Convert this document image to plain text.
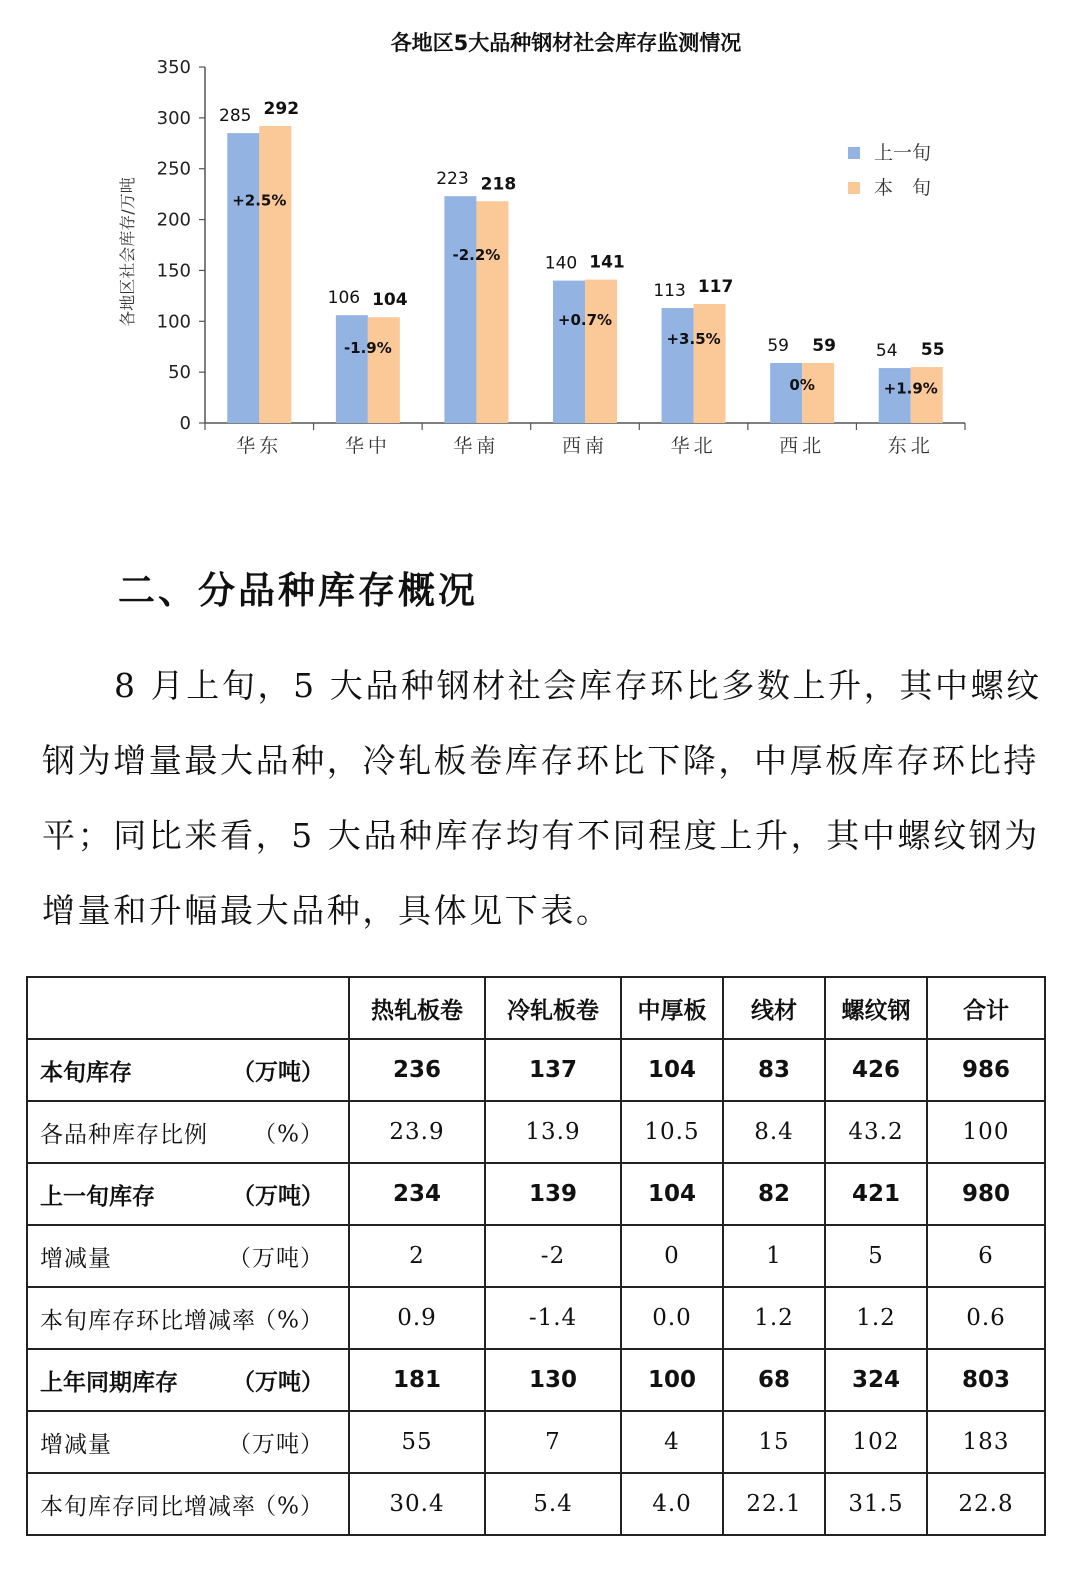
各地区5大品种钢材社会库存监测情况
各地区社会库存/万吨
0
50
100
150
200
250
300
350
华东
285 292
+2.5%
华中
106 104
-1.9%
华南
223 218
-2.2%
西南
140 141
+0.7%
华北
113 117
+3.5%
西北
59 59
0%
东北
54 55
+1.9%
上一旬
本　旬
二、分品种库存概况

8 月上旬，5 大品种钢材社会库存环比多数上升，其中螺纹钢为增量最大品种，冷轧板卷库存环比下降，中厚板库存环比持平；同比来看，5 大品种库存均有不同程度上升，其中螺纹钢为增量和升幅最大品种，具体见下表。

	热轧板卷	冷轧板卷	中厚板	线材	螺纹钢	合计
本旬库存 （万吨）	236	137	104	83	426	986
各品种库存比例 （%）	23.9	13.9	10.5	8.4	43.2	100
上一旬库存 （万吨）	234	139	104	82	421	980
增减量 （万吨）	2	-2	0	1	5	6
本旬库存环比增减率
（%）	0.9	-1.4	0.0	1.2	1.2	0.6
上年同期库存 （万吨）	181	130	100	68	324	803
增减量 （万吨）	55	7	4	15	102	183
本旬库存同比增减率
（%）	30.4	5.4	4.0	22.1	31.5	22.8
